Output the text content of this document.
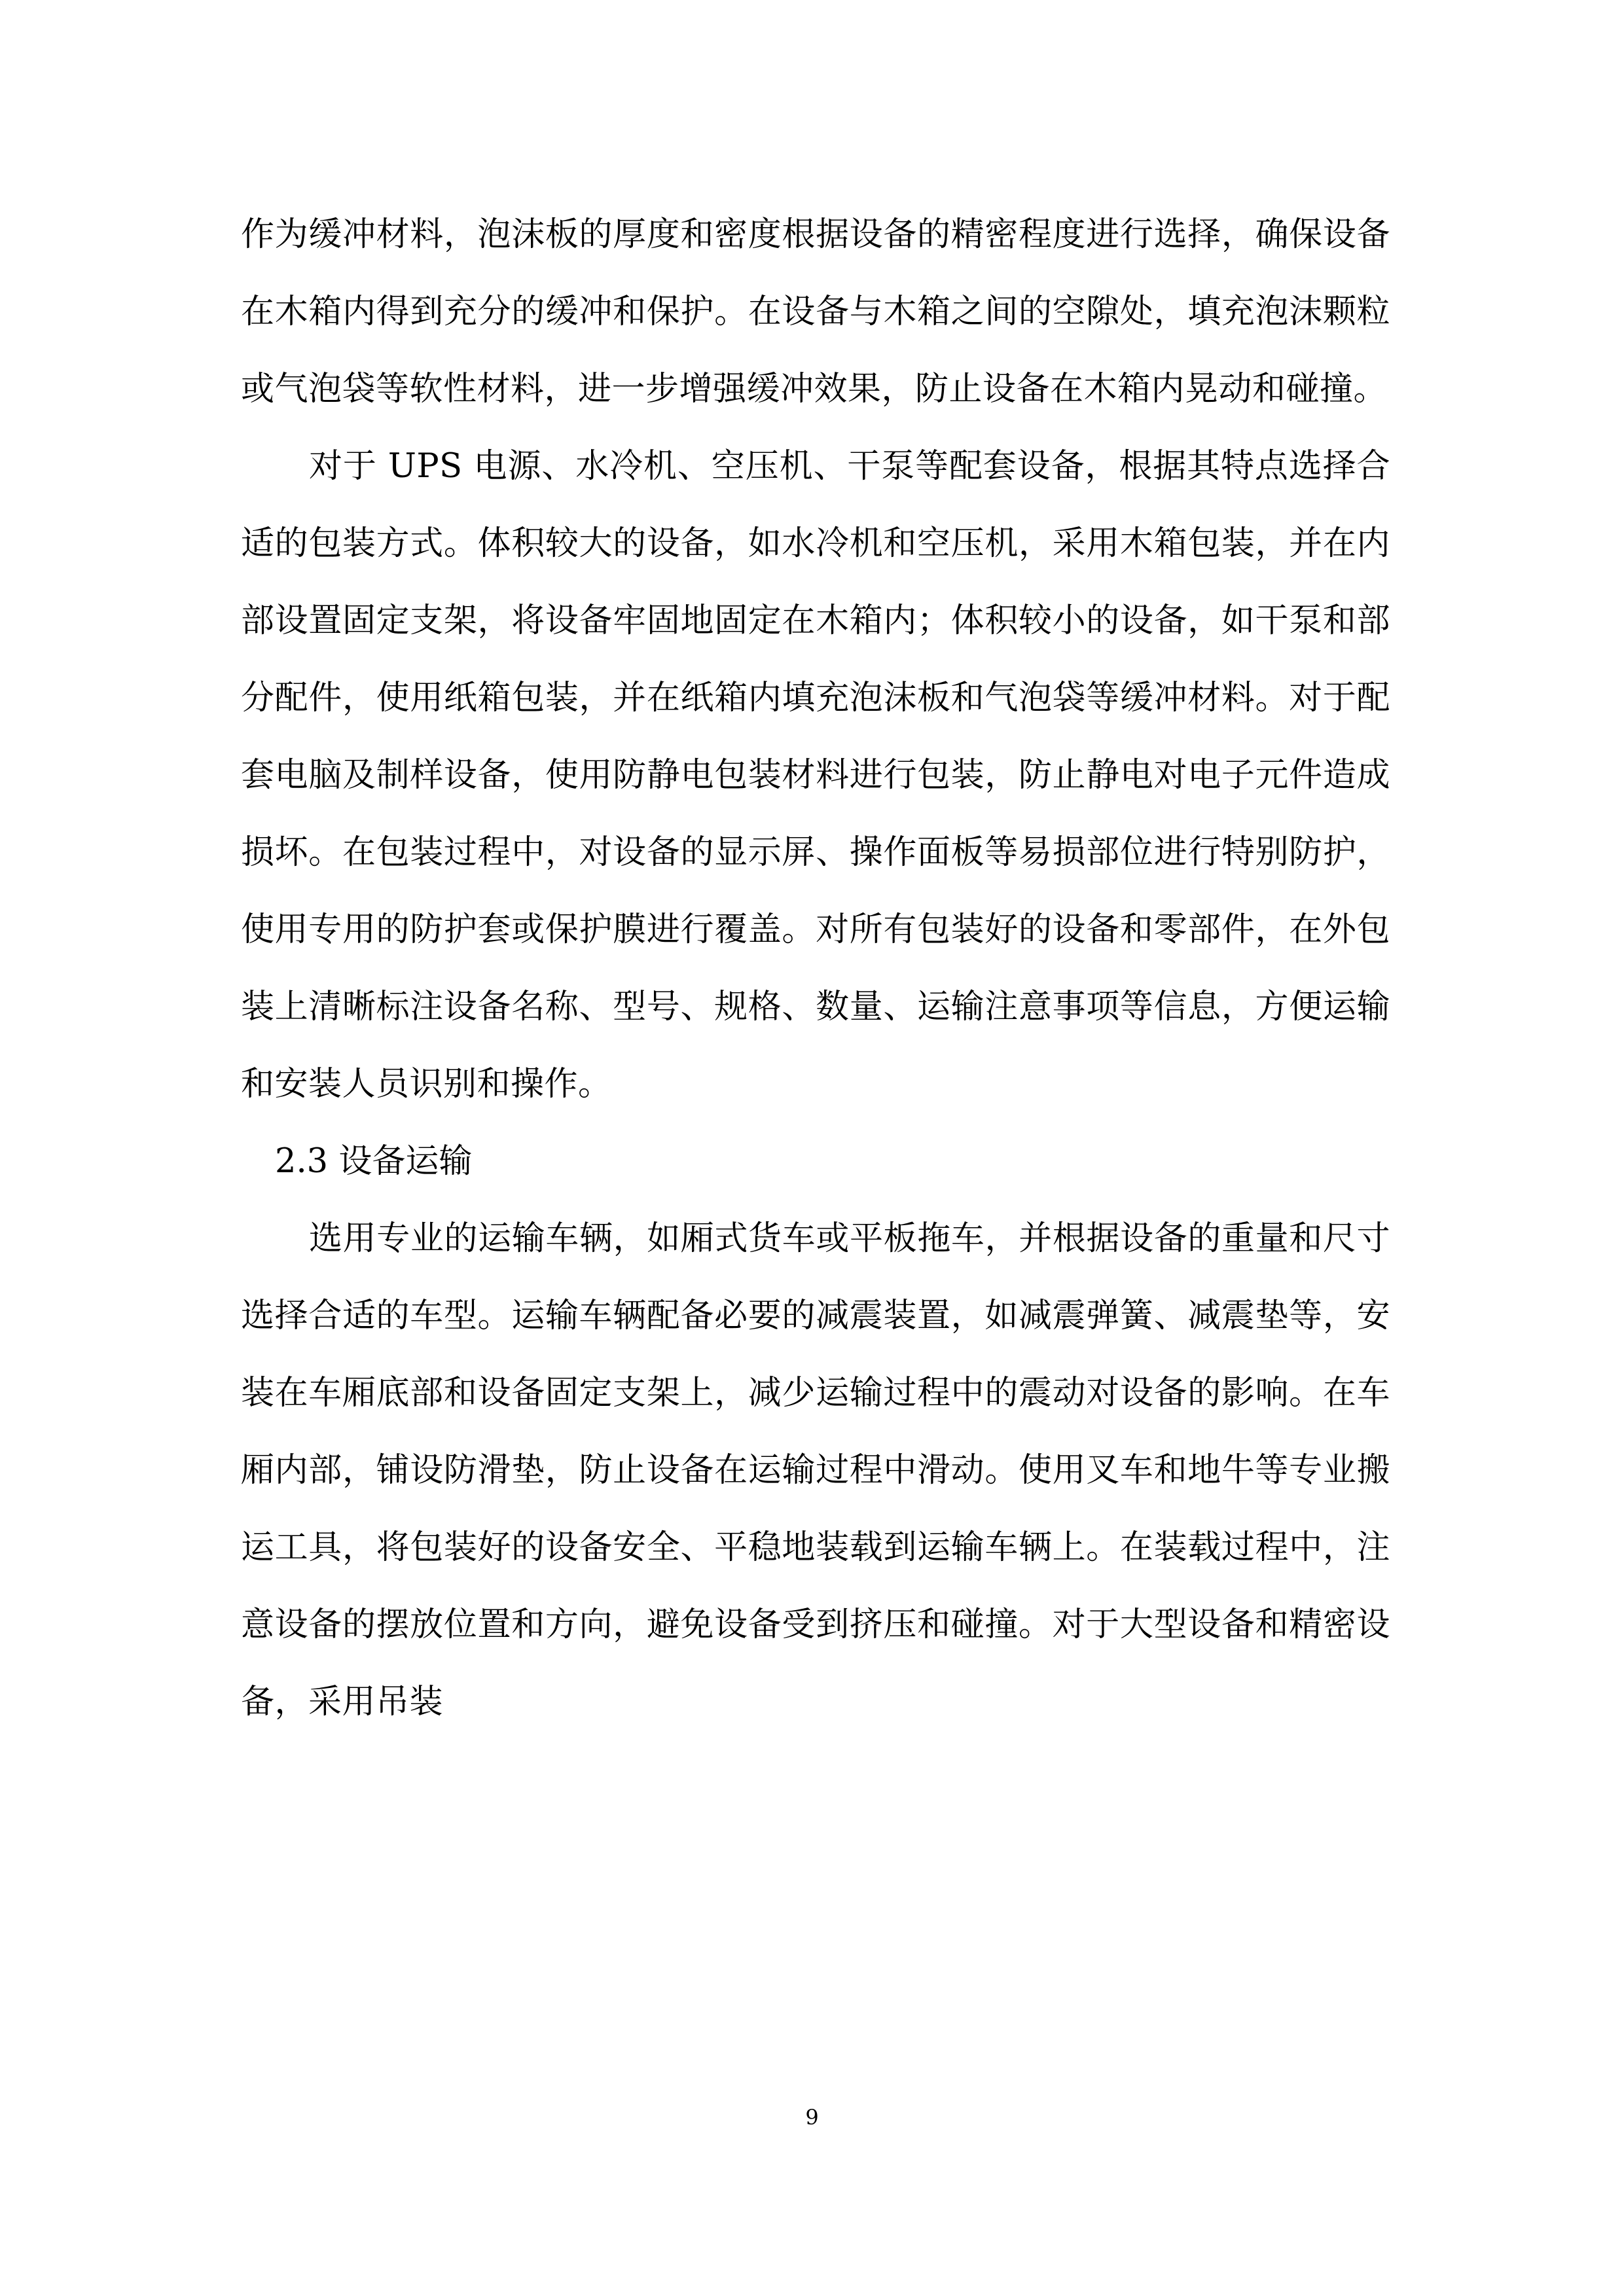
作为缓冲材料，泡沫板的厚度和密度根据设备的精密程度进行选择，确保设备在木箱内得到充分的缓冲和保护。在设备与木箱之间的空隙处，填充泡沫颗粒或气泡袋等软性材料，进一步增强缓冲效果，防止设备在木箱内晃动和碰撞。

对于 UPS 电源、水冷机、空压机、干泵等配套设备，根据其特点选择合适的包装方式。体积较大的设备，如水冷机和空压机，采用木箱包装，并在内部设置固定支架，将设备牢固地固定在木箱内；体积较小的设备，如干泵和部分配件，使用纸箱包装，并在纸箱内填充泡沫板和气泡袋等缓冲材料。对于配套电脑及制样设备，使用防静电包装材料进行包装，防止静电对电子元件造成损坏。在包装过程中，对设备的显示屏、操作面板等易损部位进行特别防护，使用专用的防护套或保护膜进行覆盖。对所有包装好的设备和零部件，在外包装上清晰标注设备名称、型号、规格、数量、运输注意事项等信息，方便运输和安装人员识别和操作。

2.3 设备运输

选用专业的运输车辆，如厢式货车或平板拖车，并根据设备的重量和尺寸选择合适的车型。运输车辆配备必要的减震装置，如减震弹簧、减震垫等，安装在车厢底部和设备固定支架上，减少运输过程中的震动对设备的影响。在车厢内部，铺设防滑垫，防止设备在运输过程中滑动。使用叉车和地牛等专业搬运工具，将包装好的设备安全、平稳地装载到运输车辆上。在装载过程中，注意设备的摆放位置和方向，避免设备受到挤压和碰撞。对于大型设备和精密设备，采用吊装

9
